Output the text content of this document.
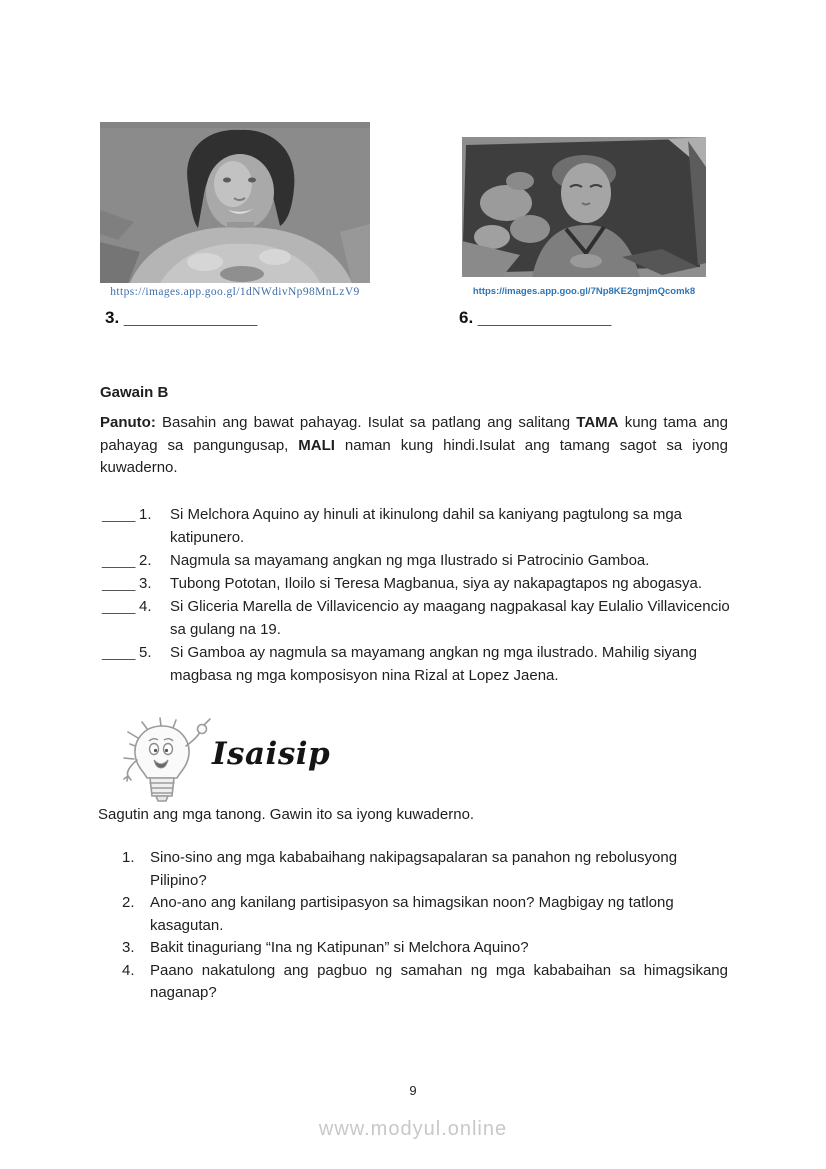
https://images.app.goo.gl/1dNWdivNp98MnLzV9	https://images.app.goo.gl/7Np8KE2gmjmQcomk8
3. ________________	6. ________________
Gawain B
Panuto: Basahin ang bawat pahayag. Isulat sa patlang ang salitang TAMA kung tama ang pahayag sa pangungusap, MALI naman kung hindi.Isulat ang tamang sagot sa iyong kuwaderno.
____ 1.	Si Melchora Aquino ay hinuli at ikinulong dahil sa kaniyang pagtulong sa mga katipunero.
____ 2.	Nagmula sa mayamang angkan ng mga Ilustrado si Patrocinio Gamboa.
____ 3.	Tubong Pototan, Iloilo si Teresa Magbanua, siya ay nakapagtapos ng abogasya.
____ 4.	Si Gliceria Marella de Villavicencio ay maagang nagpakasal kay Eulalio Villavicencio sa gulang na 19.
____ 5.	Si Gamboa ay nagmula sa mayamang angkan ng mga ilustrado. Mahilig siyang magbasa ng mga komposisyon nina Rizal at Lopez Jaena.
Isaisip
Sagutin ang mga tanong. Gawin ito sa iyong kuwaderno.
1.	Sino-sino ang mga kababaihang nakipagsapalaran sa panahon ng rebolusyong Pilipino?
2.	Ano-ano ang kanilang partisipasyon sa himagsikan noon? Magbigay ng tatlong kasagutan.
3.	Bakit tinaguriang “Ina ng Katipunan” si Melchora Aquino?
4.	Paano nakatulong ang pagbuo ng samahan ng mga kababaihan sa himagsikang naganap?
9
www.modyul.online
